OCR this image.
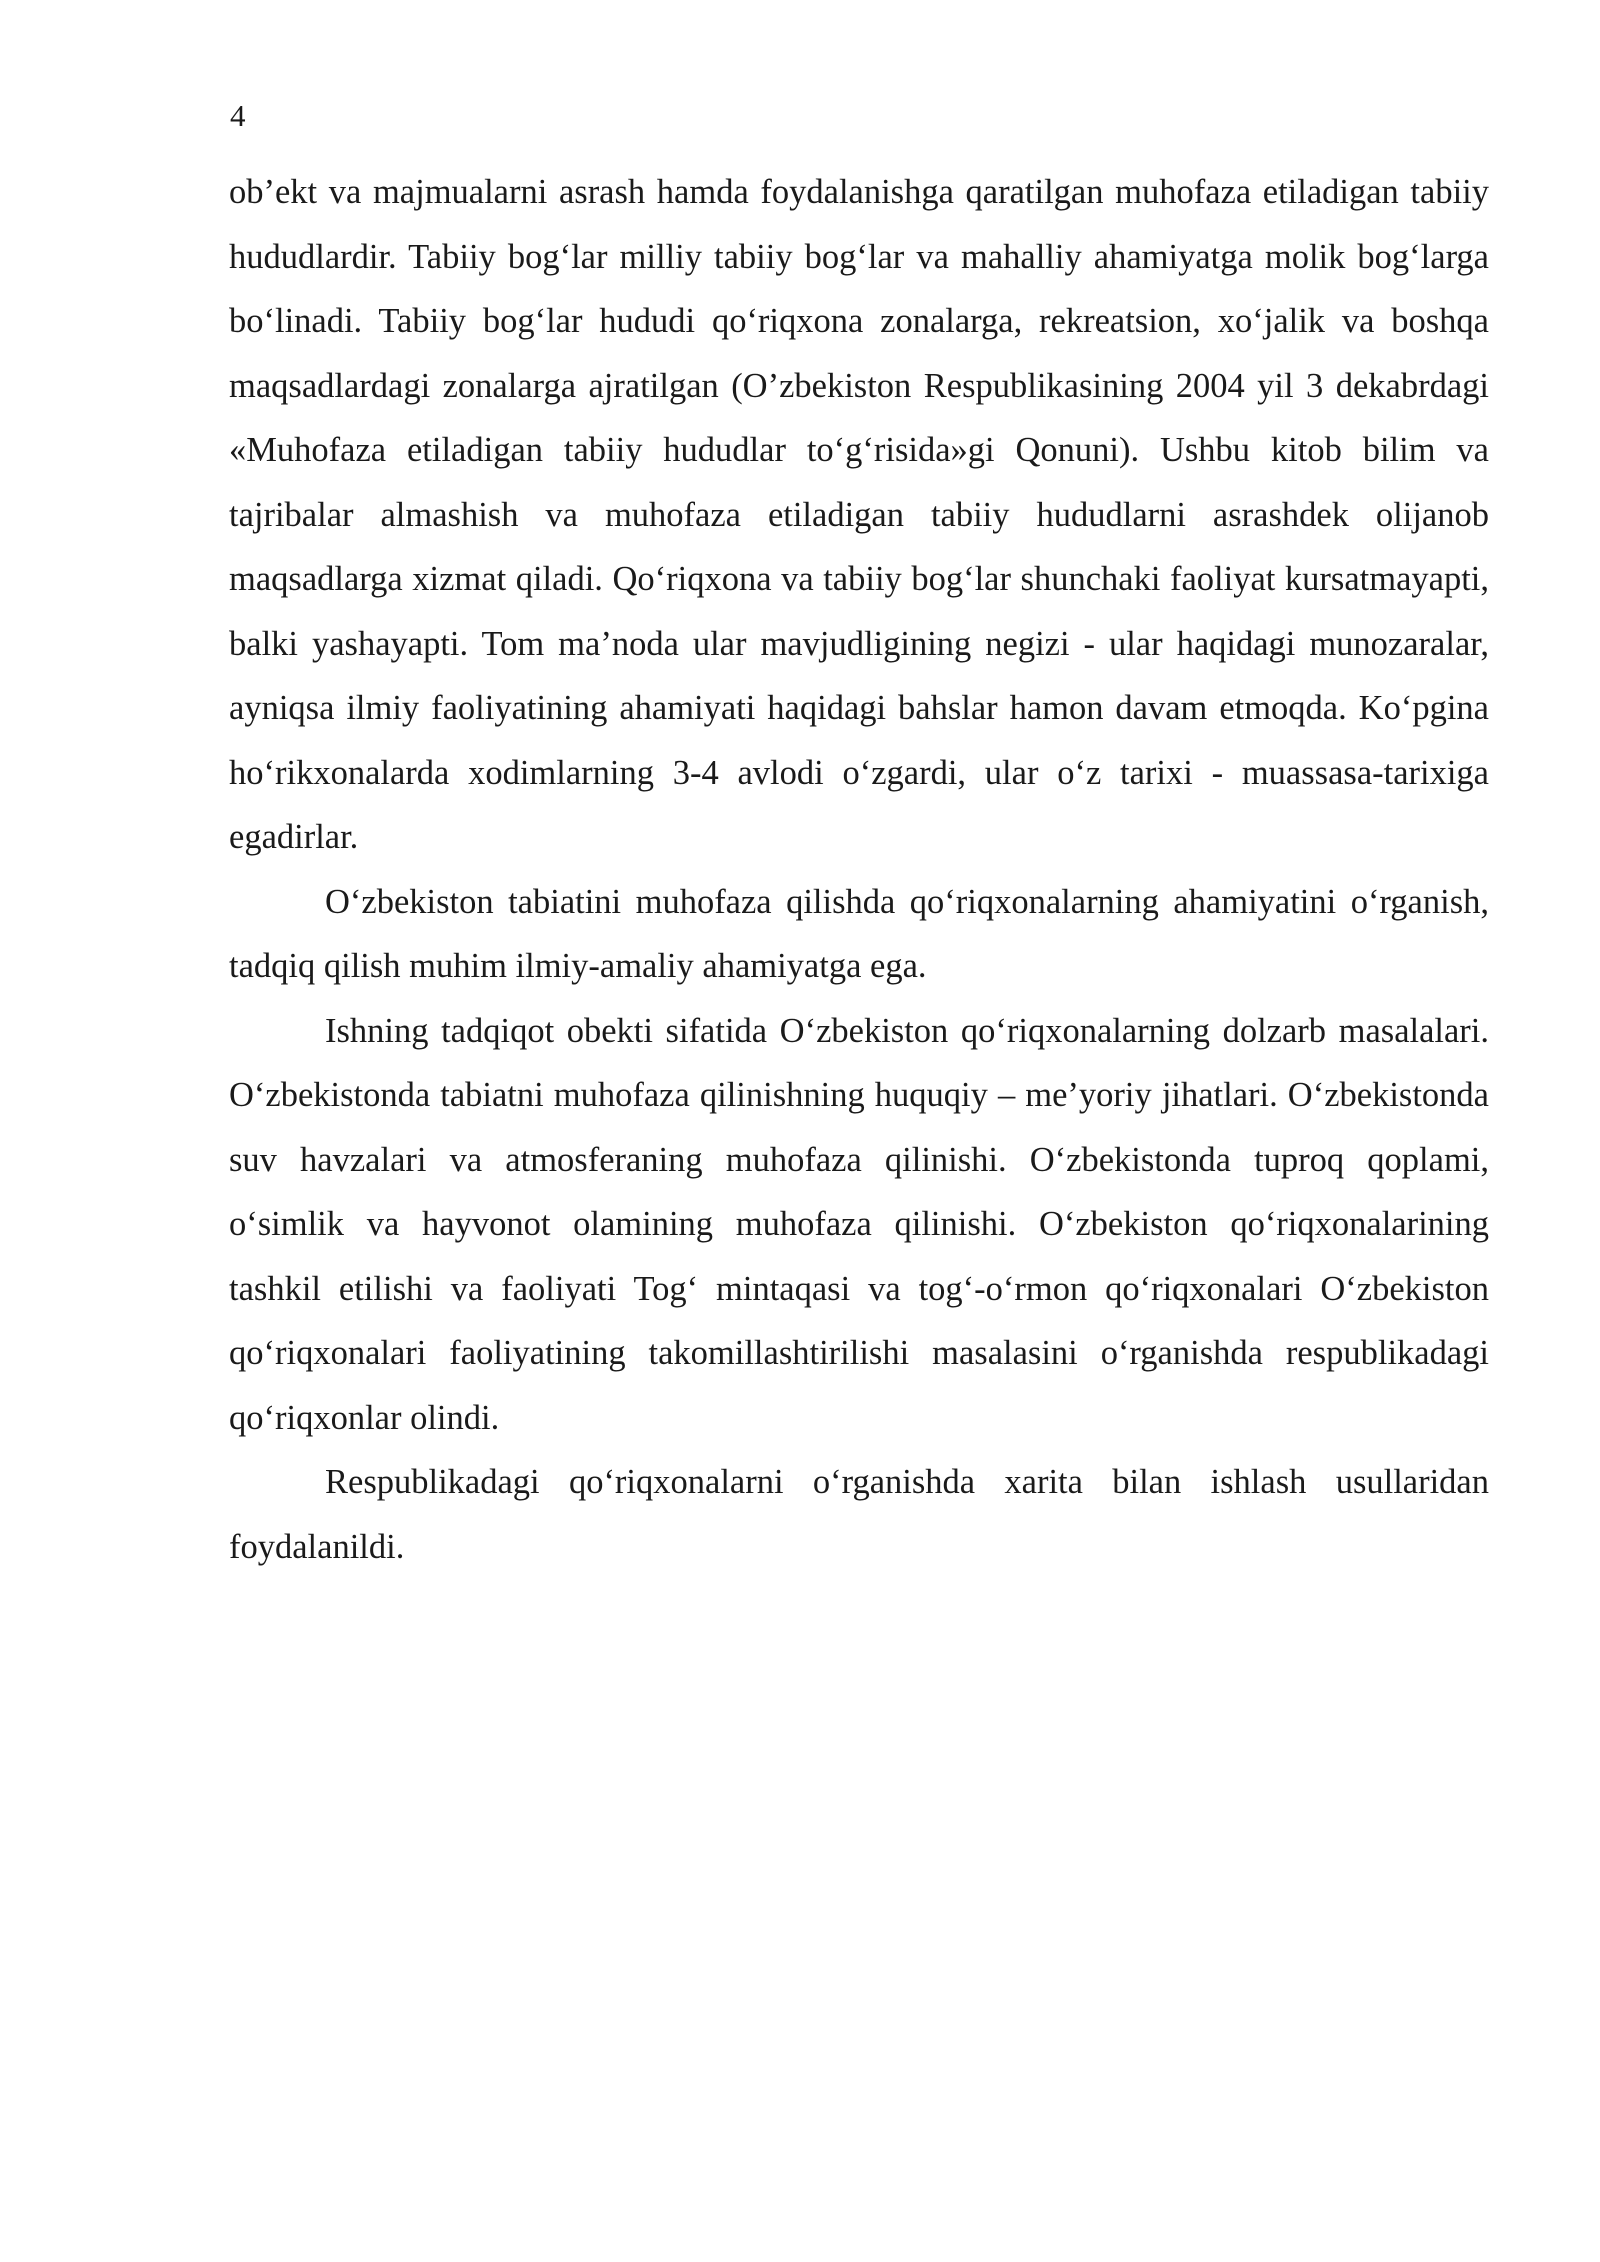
4

ob’ekt va majmualarni asrash hamda foydalanishga qaratilgan muhofaza etiladigan tabiiy hududlardir. Tabiiy bog‘lar milliy tabiiy bog‘lar va mahalliy ahamiyatga molik bog‘larga bo‘linadi. Tabiiy bog‘lar hududi qo‘riqxona zonalarga, rekreatsion, xo‘jalik va boshqa maqsadlardagi zonalarga ajratilgan (O’zbekiston Respublikasining 2004 yil 3 dekabrdagi «Muhofaza etiladigan tabiiy hududlar to‘g‘risida»gi Qonuni). Ushbu kitob bilim va tajribalar almashish va muhofaza etiladigan tabiiy hududlarni asrashdek olijanob maqsadlarga xizmat qiladi. Qo‘riqxona va tabiiy bog‘lar shunchaki faoliyat kursatmayapti, balki yashayapti. Tom ma’noda ular mavjudligining negizi - ular haqidagi munozaralar, ayniqsa ilmiy faoliyatining ahamiyati haqidagi bahslar hamon davam etmoqda. Ko‘pgina ho‘rikxonalarda xodimlarning 3-4 avlodi o‘zgardi, ular o‘z tarixi - muassasa-tarixiga egadirlar.

O‘zbekiston tabiatini muhofaza qilishda qo‘riqxonalarning ahamiyatini o‘rganish, tadqiq qilish muhim ilmiy-amaliy ahamiyatga ega.

Ishning tadqiqot obekti sifatida O‘zbekiston qo‘riqxonalarning dolzarb masalalari. O‘zbekistonda tabiatni muhofaza qilinishning huquqiy – me’yoriy jihatlari. O‘zbekistonda suv havzalari va atmosferaning muhofaza qilinishi. O‘zbekistonda tuproq qoplami, o‘simlik va hayvonot olamining muhofaza qilinishi. O‘zbekiston qo‘riqxonalarining tashkil etilishi va faoliyati Tog‘ mintaqasi va tog‘-o‘rmon qo‘riqxonalari O‘zbekiston qo‘riqxonalari faoliyatining takomillashtirilishi masalasini o‘rganishda respublikadagi qo‘riqxonlar olindi.

Respublikadagi qo‘riqxonalarni o‘rganishda xarita bilan ishlash usullaridan foydalanildi.
